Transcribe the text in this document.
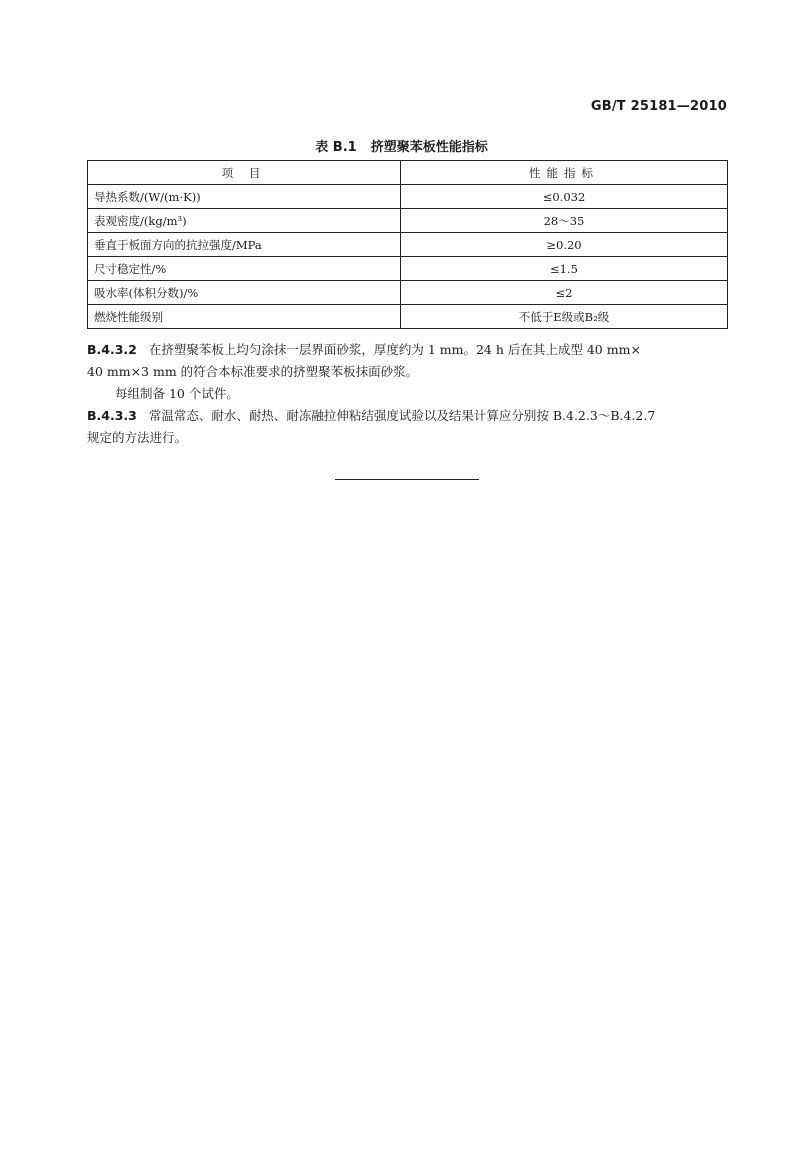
GB/T 25181—2010
表 B.1 挤塑聚苯板性能指标
项 目	性能指标
导热系数/(W/(m·K))	≤0.032
表观密度/(kg/m³)	28～35
垂直于板面方向的抗拉强度/MPa	≥0.20
尺寸稳定性/%	≤1.5
吸水率(体积分数)/%	≤2
燃烧性能级别	不低于E级或B₂级
B.4.3.2 在挤塑聚苯板上均匀涂抹一层界面砂浆，厚度约为 1 mm。24 h 后在其上成型 40 mm×
40 mm×3 mm 的符合本标准要求的挤塑聚苯板抹面砂浆。
每组制备 10 个试件。
B.4.3.3 常温常态、耐水、耐热、耐冻融拉伸粘结强度试验以及结果计算应分别按 B.4.2.3～B.4.2.7
规定的方法进行。
